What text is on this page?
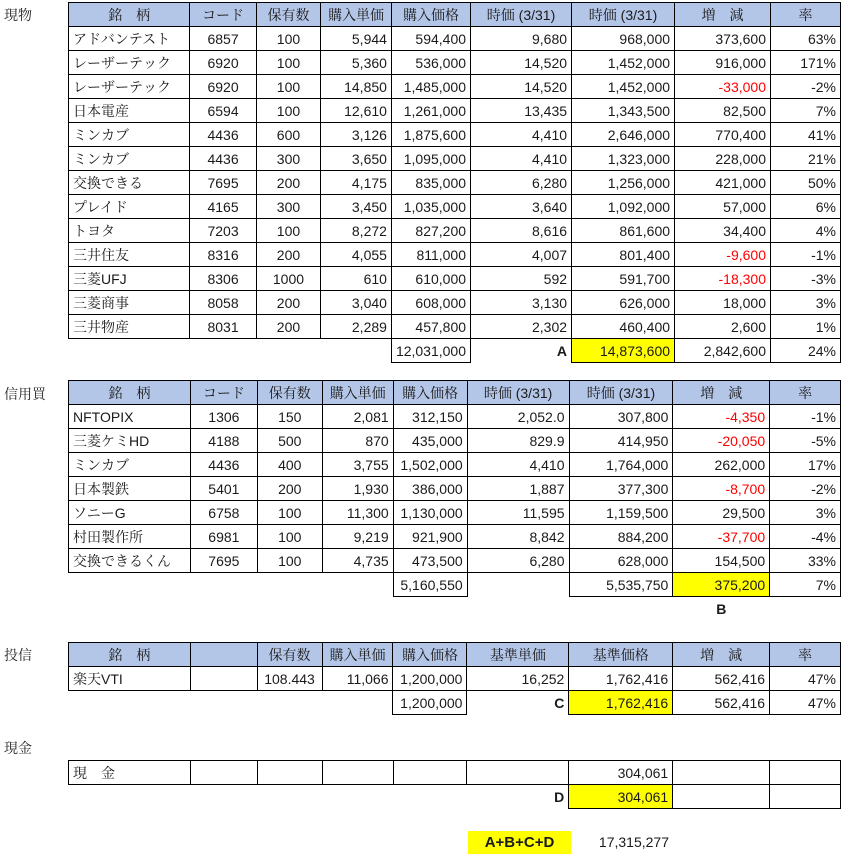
現物
信用買
投信
現金
銘　柄	コード	保有数	購入単価	購入価格	時価 (3/31)	時価 (3/31)	増　減	率
アドバンテスト	6857	100	5,944	594,400	9,680	968,000	373,600	63%
レーザーテック	6920	100	5,360	536,000	14,520	1,452,000	916,000	171%
レーザーテック	6920	100	14,850	1,485,000	14,520	1,452,000	-33,000	-2%
日本電産	6594	100	12,610	1,261,000	13,435	1,343,500	82,500	7%
ミンカブ	4436	600	3,126	1,875,600	4,410	2,646,000	770,400	41%
ミンカブ	4436	300	3,650	1,095,000	4,410	1,323,000	228,000	21%
交換できる	7695	200	4,175	835,000	6,280	1,256,000	421,000	50%
プレイド	4165	300	3,450	1,035,000	3,640	1,092,000	57,000	6%
トヨタ	7203	100	8,272	827,200	8,616	861,600	34,400	4%
三井住友	8316	200	4,055	811,000	4,007	801,400	-9,600	-1%
三菱UFJ	8306	1000	610	610,000	592	591,700	-18,300	-3%
三菱商事	8058	200	3,040	608,000	3,130	626,000	18,000	3%
三井物産	8031	200	2,289	457,800	2,302	460,400	2,600	1%
				12,031,000	A	14,873,600	2,842,600	24%
銘　柄	コード	保有数	購入単価	購入価格	時価 (3/31)	時価 (3/31)	増　減	率
NFTOPIX	1306	150	2,081	312,150	2,052.0	307,800	-4,350	-1%
三菱ケミHD	4188	500	870	435,000	829.9	414,950	-20,050	-5%
ミンカブ	4436	400	3,755	1,502,000	4,410	1,764,000	262,000	17%
日本製鉄	5401	200	1,930	386,000	1,887	377,300	-8,700	-2%
ソニーG	6758	100	11,300	1,130,000	11,595	1,159,500	29,500	3%
村田製作所	6981	100	9,219	921,900	8,842	884,200	-37,700	-4%
交換できるくん	7695	100	4,735	473,500	6,280	628,000	154,500	33%
				5,160,550		5,535,750	375,200	7%
							B	
銘　柄		保有数	購入単価	購入価格	基準単価	基準価格	増　減	率
楽天VTI		108.443	11,066	1,200,000	16,252	1,762,416	562,416	47%
				1,200,000	C	1,762,416	562,416	47%
現　金						304,061		
					D	304,061		
A+B+C+D	17,315,277
